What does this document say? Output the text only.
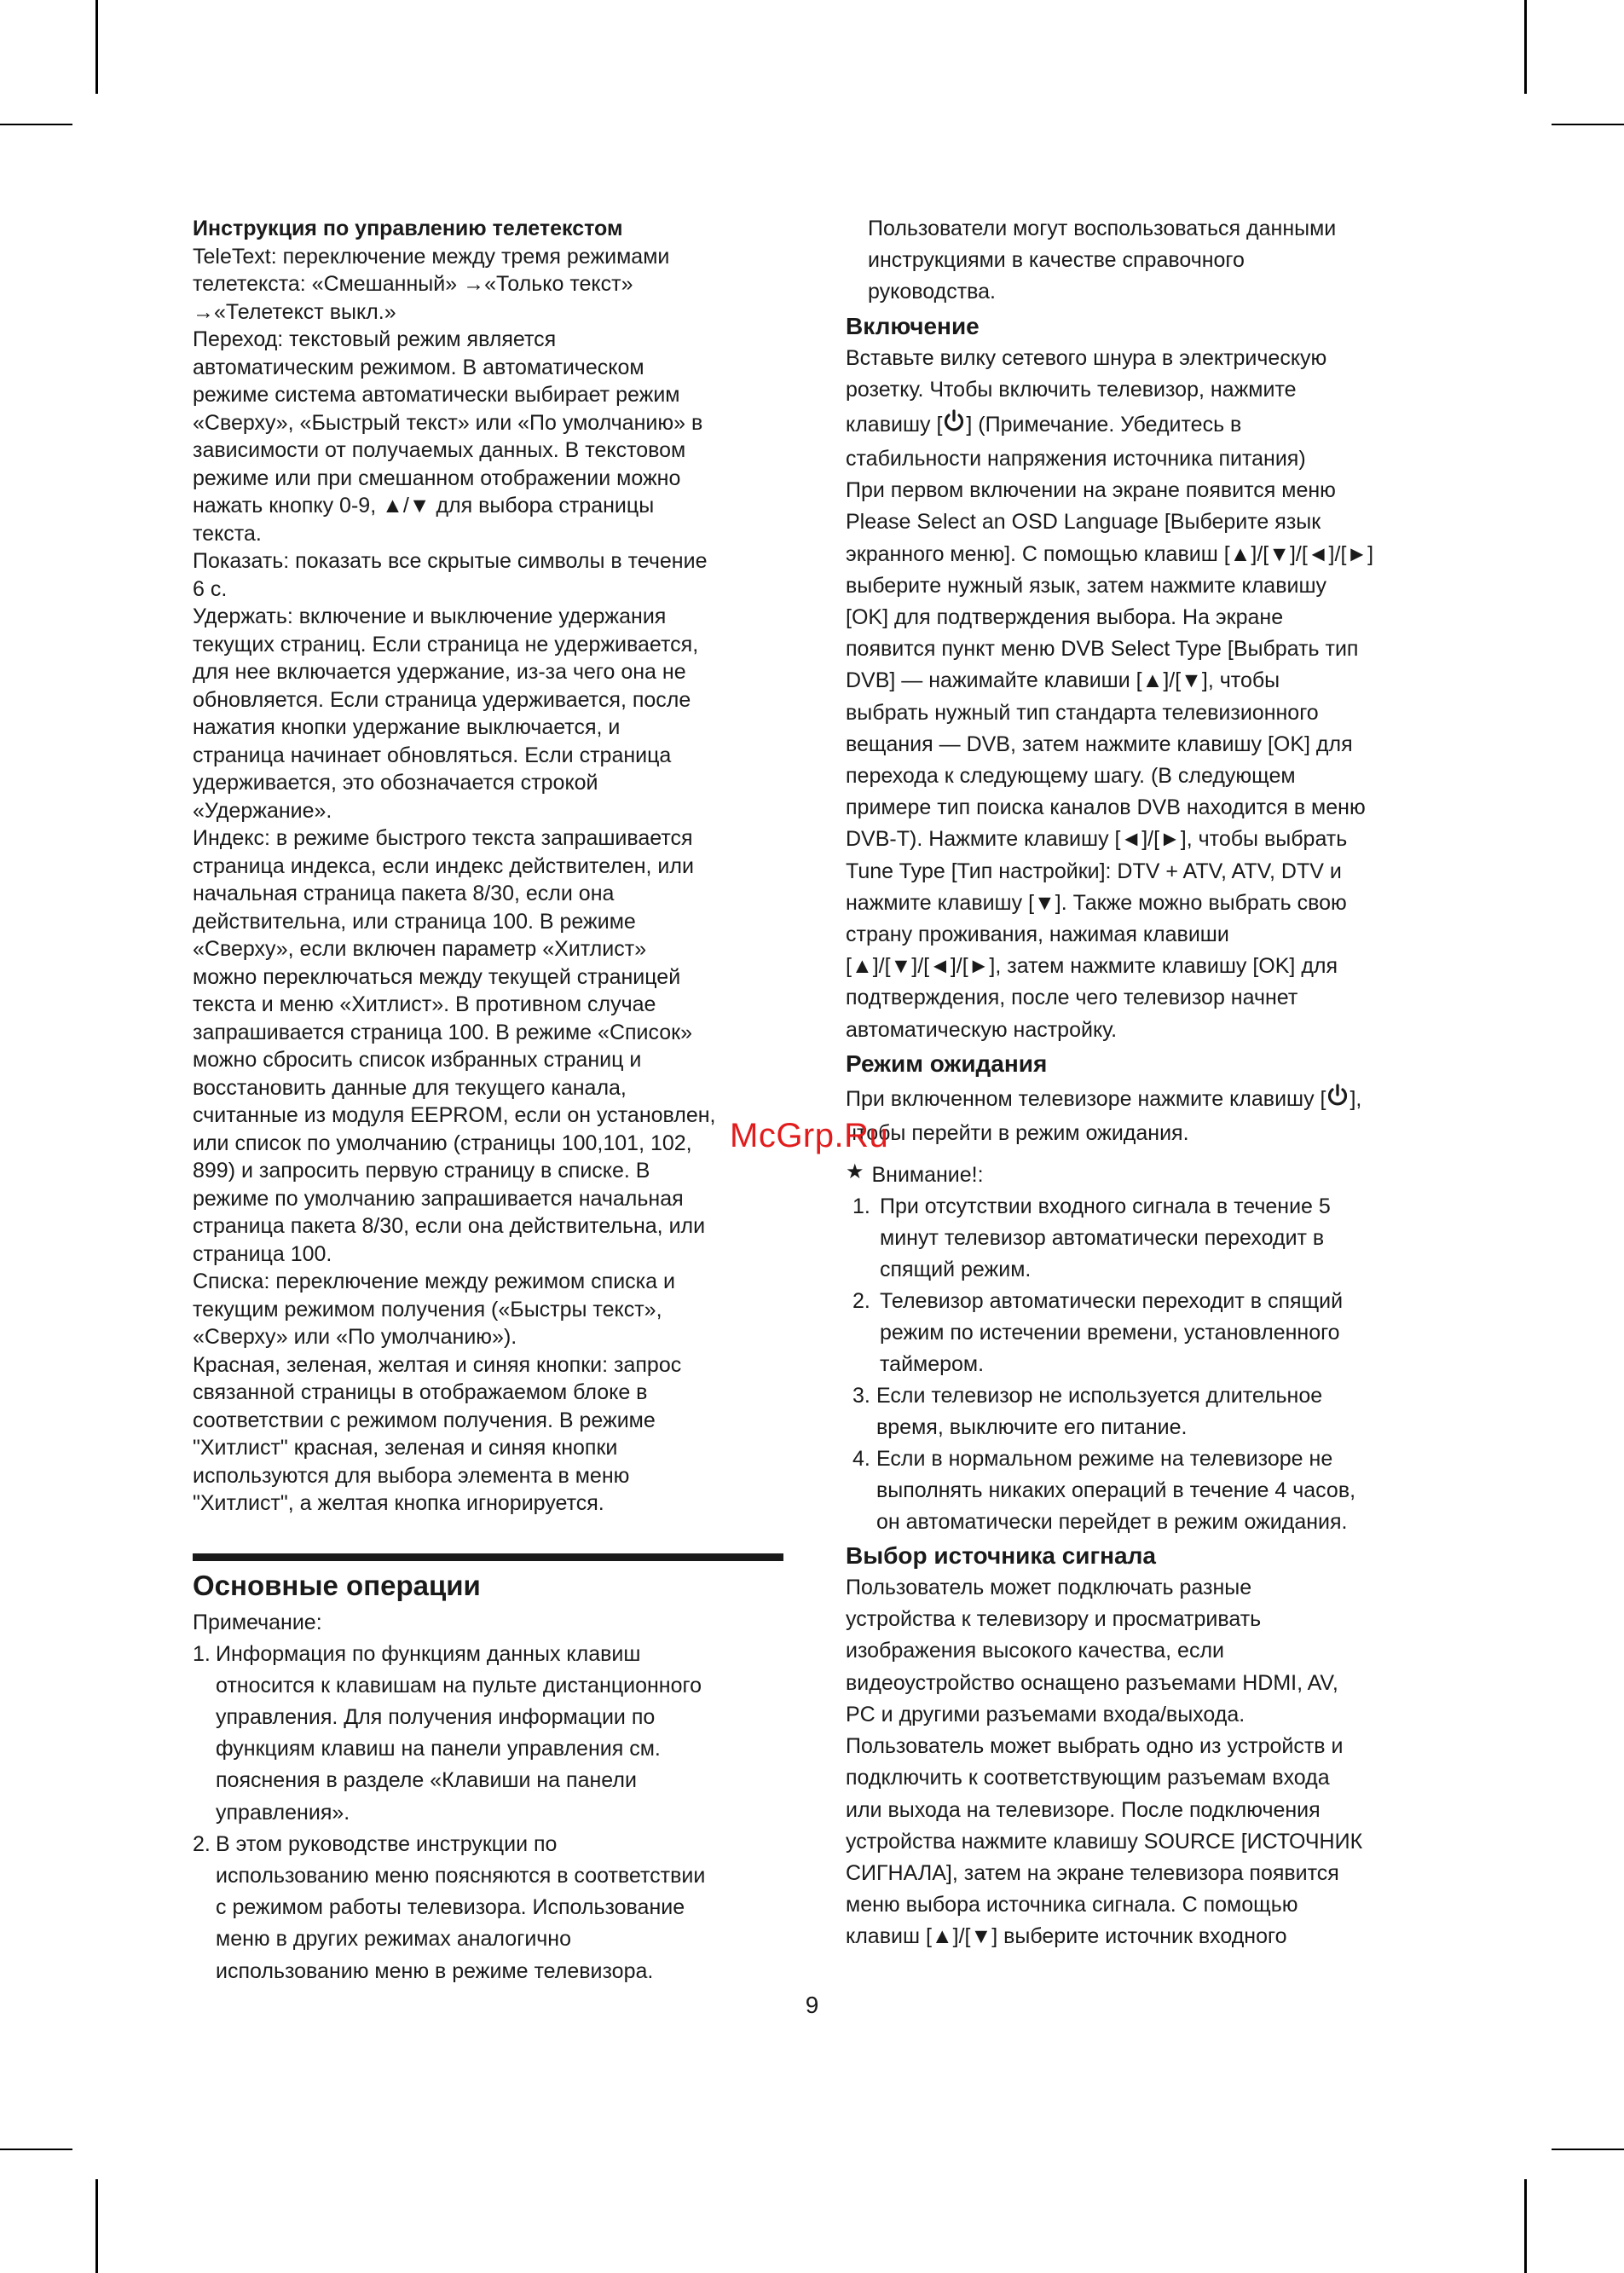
Инструкция по управлению телетекстом

TeleText: переключение между тремя режимами

телетекста: «Смешанный» →«Только текст»

→«Телетекст выкл.»

Переход: текстовый режим является

автоматическим режимом. В автоматическом

режиме система автоматически выбирает режим

«Сверху», «Быстрый текст» или «По умолчанию» в

зависимости от получаемых данных. В текстовом

режиме или при смешанном отображении можно

нажать кнопку 0-9, ▲/▼ для выбора страницы

текста.

Показать: показать все скрытые символы в течение

6 с.

Удержать: включение и выключение удержания

текущих страниц. Если страница не удерживается,

для нее включается удержание, из-за чего она не

обновляется. Если страница удерживается, после

нажатия кнопки удержание выключается, и

страница начинает обновляться. Если страница

удерживается, это обозначается строкой

«Удержание».

Индекс: в режиме быстрого текста запрашивается

страница индекса, если индекс действителен, или

начальная страница пакета 8/30, если она

действительна, или страница 100. В режиме

«Сверху», если включен параметр «Хитлист»

можно переключаться между текущей страницей

текста и меню «Хитлист». В противном случае

запрашивается страница 100. В режиме «Список»

можно сбросить список избранных страниц и

восстановить данные для текущего канала,

считанные из модуля EEPROM, если он установлен,

или список по умолчанию (страницы 100,101, 102,

899) и запросить первую страницу в списке. В

режиме по умолчанию запрашивается начальная

страница пакета 8/30, если она действительна, или

страница 100.

Списка: переключение между режимом списка и

текущим режимом получения («Быстры текст»,

«Сверху» или «По умолчанию»).

Красная, зеленая, желтая и синяя кнопки: запрос

связанной страницы в отображаемом блоке в

соответствии с режимом получения. В режиме

"Хитлист" красная, зеленая и синяя кнопки

используются для выбора элемента в меню

"Хитлист", а желтая кнопка игнорируется.

Основные операции

Примечание:

1. Информация по функциям данных клавиш

относится к клавишам на пульте дистанционного

управления. Для получения информации по

функциям клавиш на панели управления см.

пояснения в разделе «Клавиши на панели

управления».

2. В этом руководстве инструкции по

использованию меню поясняются в соответствии

с режимом работы телевизора. Использование

меню в других режимах аналогично

использованию меню в режиме телевизора.

Пользователи могут воспользоваться данными

инструкциями в качестве справочного

руководства.

Включение

Вставьте вилку сетевого шнура в электрическую

розетку. Чтобы включить телевизор, нажмите

клавишу [ ] (Примечание. Убедитесь в

стабильности напряжения источника питания)

При первом включении на экране появится меню

Please Select an OSD Language [Выберите язык

экранного меню]. С помощью клавиш [▲]/[▼]/[◄]/[►]

выберите нужный язык, затем нажмите клавишу

[OK] для подтверждения выбора. На экране

появится пункт меню DVB Select Type [Выбрать тип

DVB] — нажимайте клавиши [▲]/[▼], чтобы

выбрать нужный тип стандарта телевизионного

вещания — DVB, затем нажмите клавишу [OK] для

перехода к следующему шагу. (В следующем

примере тип поиска каналов DVB находится в меню

DVB-T). Нажмите клавишу [◄]/[►], чтобы выбрать

Tune Type [Тип настройки]: DTV + ATV, ATV, DTV и

нажмите клавишу [▼]. Также можно выбрать свою

страну проживания, нажимая клавиши

[▲]/[▼]/[◄]/[►], затем нажмите клавишу [OK] для

подтверждения, после чего телевизор начнет

автоматическую настройку.

Режим ожидания

При включенном телевизоре нажмите клавишу [ ],

чтобы перейти в режим ожидания.

★ Внимание!:

1. При отсутствии входного сигнала в течение 5

минут телевизор автоматически переходит в

спящий режим.

2. Телевизор автоматически переходит в спящий

режим по истечении времени, установленного

таймером.

3. Если телевизор не используется длительное

время, выключите его питание.

4. Если в нормальном режиме на телевизоре не

выполнять никаких операций в течение 4 часов,

он автоматически перейдет в режим ожидания.

Выбор источника сигнала

Пользователь может подключать разные

устройства к телевизору и просматривать

изображения высокого качества, если

видеоустройство оснащено разъемами HDMI, AV,

PC и другими разъемами входа/выхода.

Пользователь может выбрать одно из устройств и

подключить к соответствующим разъемам входа

или выхода на телевизоре. После подключения

устройства нажмите клавишу SOURCE [ИСТОЧНИК

СИГНАЛА], затем на экране телевизора появится

меню выбора источника сигнала. С помощью

клавиш [▲]/[▼] выберите источник входного

9
McGrp.Ru
